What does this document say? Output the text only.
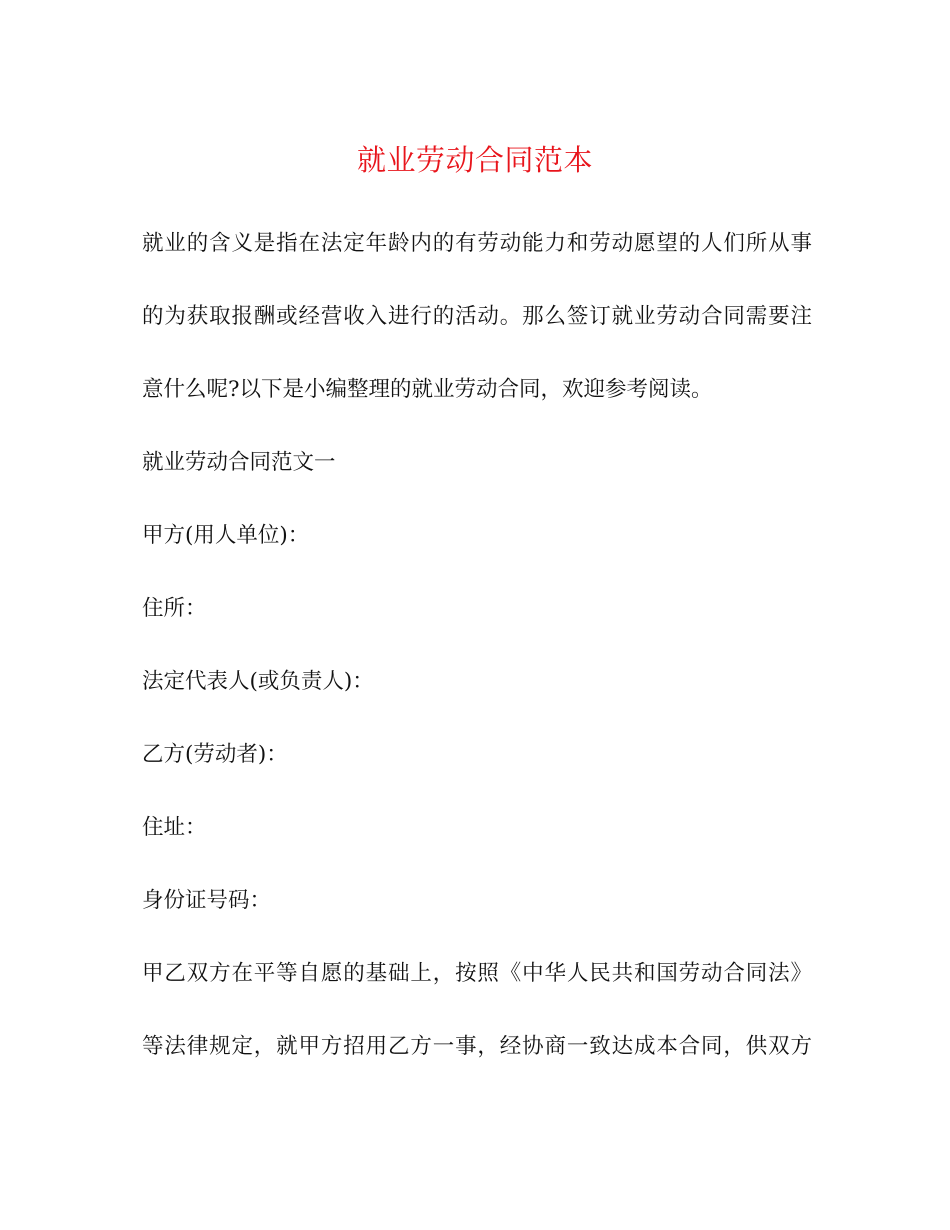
就业劳动合同范本
就业的含义是指在法定年龄内的有劳动能力和劳动愿望的人们所从事
的为获取报酬或经营收入进行的活动。那么签订就业劳动合同需要注
意什么呢?以下是小编整理的就业劳动合同，欢迎参考阅读。
就业劳动合同范文一
甲方(用人单位)：
住所：
法定代表人(或负责人)：
乙方(劳动者)：
住址：
身份证号码：
甲乙双方在平等自愿的基础上，按照《中华人民共和国劳动合同法》
等法律规定，就甲方招用乙方一事，经协商一致达成本合同，供双方
